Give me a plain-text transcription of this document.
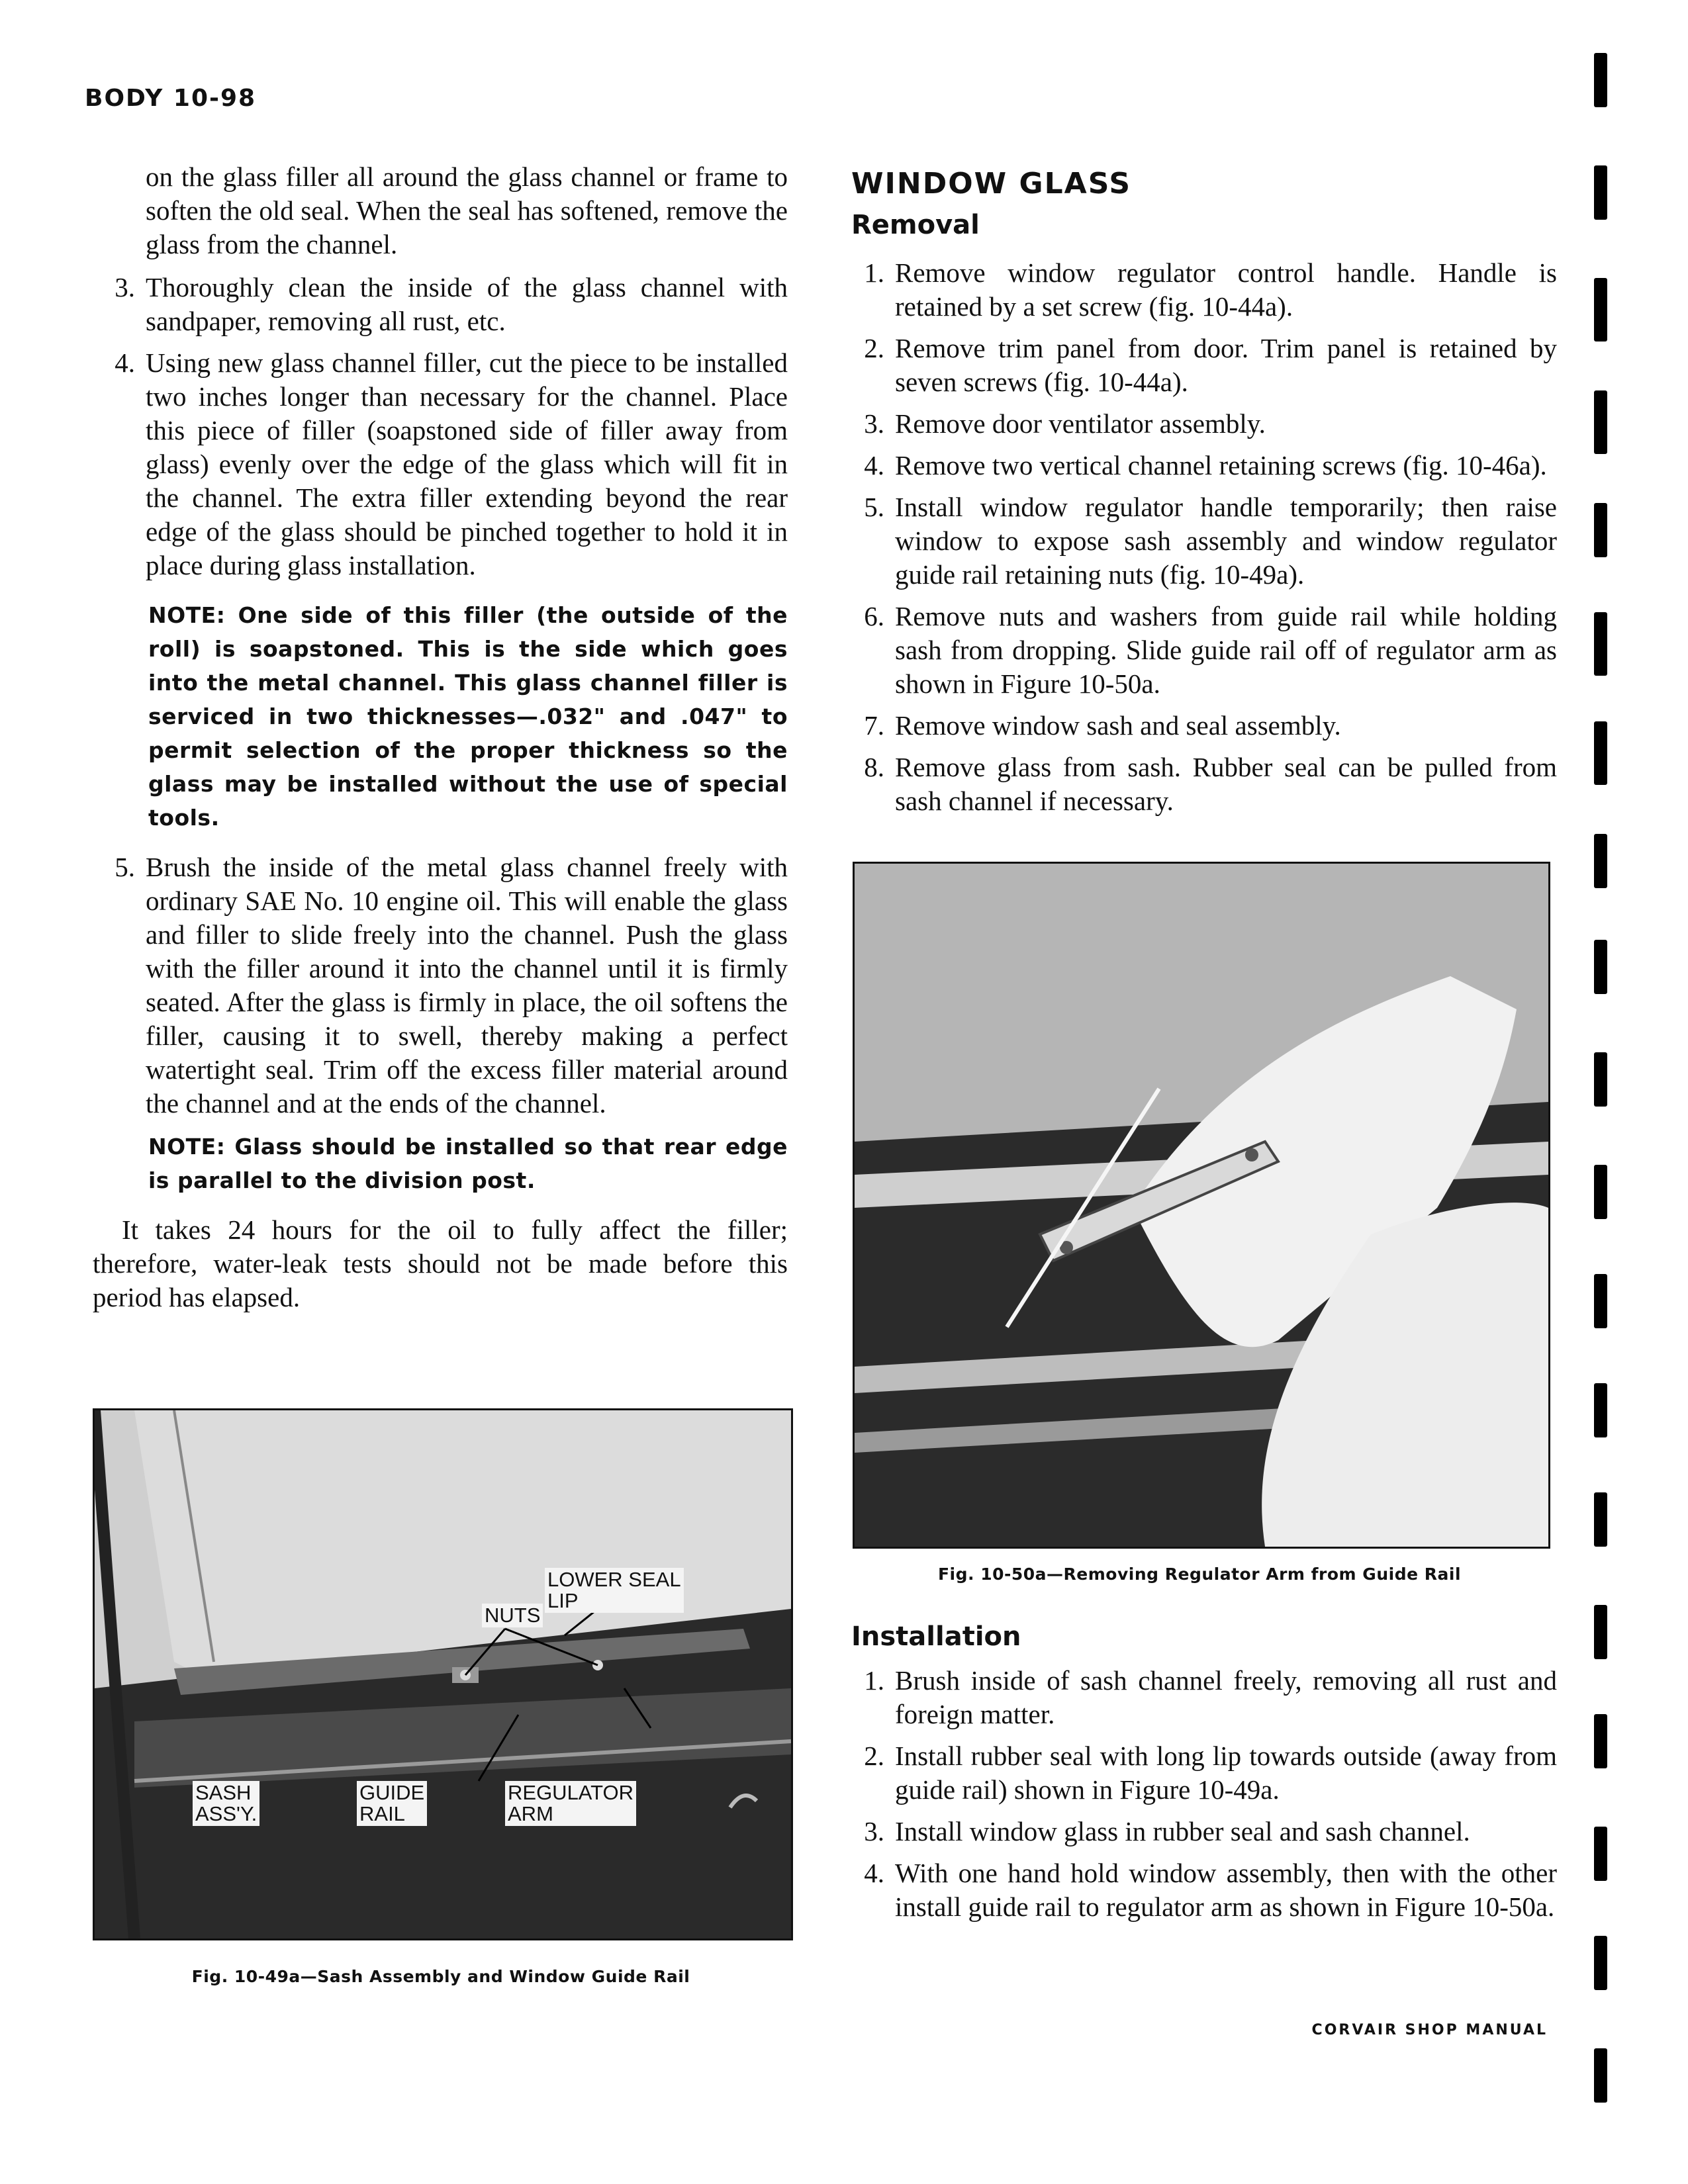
BODY 10-98

on the glass filler all around the glass channel or frame to soften the old seal. When the seal has softened, remove the glass from the channel.

3. Thoroughly clean the inside of the glass channel with sandpaper, removing all rust, etc.
4. Using new glass channel filler, cut the piece to be installed two inches longer than necessary for the channel. Place this piece of filler (soapstoned side of filler away from glass) evenly over the edge of the glass which will fit in the channel. The extra filler extending beyond the rear edge of the glass should be pinched together to hold it in place during glass installation.
NOTE: One side of this filler (the outside of the roll) is soapstoned. This is the side which goes into the metal channel. This glass channel filler is serviced in two thicknesses—.032" and .047" to permit selection of the proper thickness so the glass may be installed without the use of special tools.
5. Brush the inside of the metal glass channel freely with ordinary SAE No. 10 engine oil. This will enable the glass and filler to slide freely into the channel. Push the glass with the filler around it into the channel until it is firmly seated. After the glass is firmly in place, the oil softens the filler, causing it to swell, thereby making a perfect watertight seal. Trim off the excess filler material around the channel and at the ends of the channel.
NOTE: Glass should be installed so that rear edge is parallel to the division post.

It takes 24 hours for the oil to fully affect the filler; therefore, water-leak tests should not be made before this period has elapsed.

LOWER SEAL
LIP
NUTS
SASH
ASS'Y.
GUIDE
RAIL
REGULATOR
ARM
Fig. 10-49a—Sash Assembly and Window Guide Rail
WINDOW GLASS
Removal
1. Remove window regulator control handle. Handle is retained by a set screw (fig. 10-44a).
2. Remove trim panel from door. Trim panel is retained by seven screws (fig. 10-44a).
3. Remove door ventilator assembly.
4. Remove two vertical channel retaining screws (fig. 10-46a).
5. Install window regulator handle temporarily; then raise window to expose sash assembly and window regulator guide rail retaining nuts (fig. 10-49a).
6. Remove nuts and washers from guide rail while holding sash from dropping. Slide guide rail off of regulator arm as shown in Figure 10-50a.
7. Remove window sash and seal assembly.
8. Remove glass from sash. Rubber seal can be pulled from sash channel if necessary.
Fig. 10-50a—Removing Regulator Arm from Guide Rail
Installation
1. Brush inside of sash channel freely, removing all rust and foreign matter.
2. Install rubber seal with long lip towards outside (away from guide rail) shown in Figure 10-49a.
3. Install window glass in rubber seal and sash channel.
4. With one hand hold window assembly, then with the other install guide rail to regulator arm as shown in Figure 10-50a.
CORVAIR SHOP MANUAL
